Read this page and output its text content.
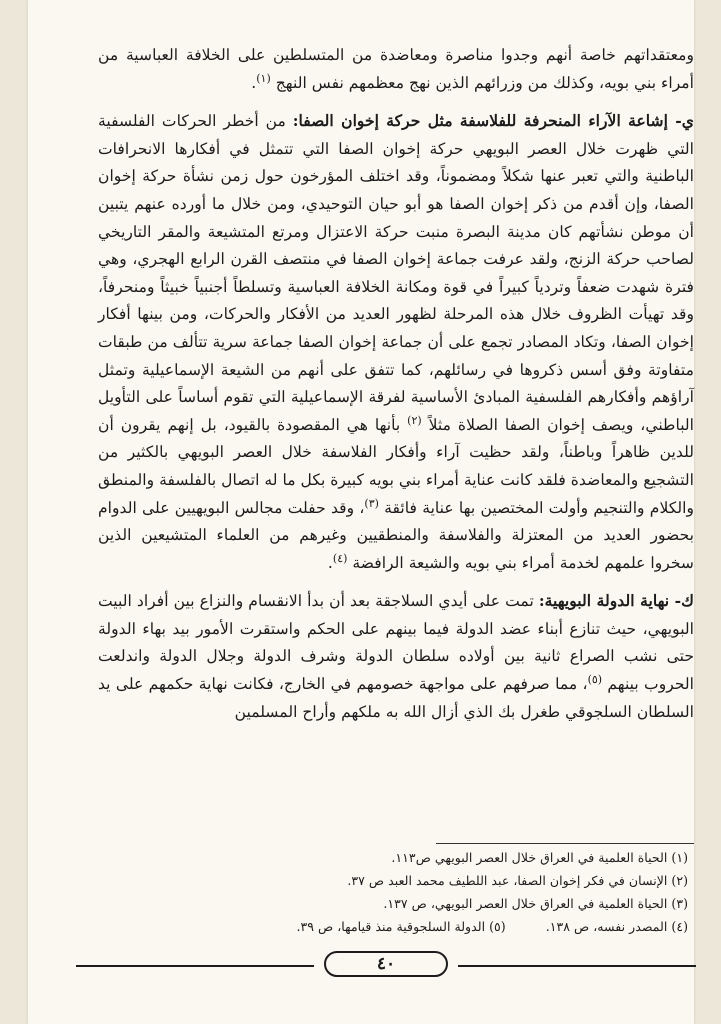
ومعتقداتهم خاصة أنهم وجدوا مناصرة ومعاضدة من المتسلطين على الخلافة العباسية من أمراء بني بويه، وكذلك من وزرائهم الذين نهج معظمهم نفس النهج $^{(١)}$.

ي- إشاعة الآراء المنحرفة للفلاسفة مثل حركة إخوان الصفا: من أخطر الحركات الفلسفية التي ظهرت خلال العصر البويهي حركة إخوان الصفا التي تتمثل في أفكارها الانحرافات الباطنية والتي تعبر عنها شكلاً ومضموناً، وقد اختلف المؤرخون حول زمن نشأة حركة إخوان الصفا، وإن أقدم من ذكر إخوان الصفا هو أبو حيان التوحيدي، ومن خلال ما أورده عنهم يتبين أن موطن نشأتهم كان مدينة البصرة منبت حركة الاعتزال ومرتع المتشيعة والمقر التاريخي لصاحب حركة الزنج، ولقد عرفت جماعة إخوان الصفا في منتصف القرن الرابع الهجري، وهي فترة شهدت ضعفاً وتردياً كبيراً في قوة ومكانة الخلافة العباسية وتسلطاً أجنبياً خبيثاً ومنحرفاً، وقد تهيأت الظروف خلال هذه المرحلة لظهور العديد من الأفكار والحركات، ومن بينها أفكار إخوان الصفا، وتكاد المصادر تجمع على أن جماعة إخوان الصفا جماعة سرية تتألف من طبقات متفاوتة وفق أسس ذكروها في رسائلهم، كما تتفق على أنهم من الشيعة الإسماعيلية وتمثل آراؤهم وأفكارهم الفلسفية المبادئ الأساسية لفرقة الإسماعيلية التي تقوم أساساً على التأويل الباطني، ويصف إخوان الصفا الصلاة مثلاً $^{(٢)}$ بأنها هي المقصودة بالقيود، بل إنهم يقرون أن للدين ظاهراً وباطناً، ولقد حظيت آراء وأفكار الفلاسفة خلال العصر البويهي بالكثير من التشجيع والمعاضدة فلقد كانت عناية أمراء بني بويه كبيرة بكل ما له اتصال بالفلسفة والمنطق والكلام والتنجيم وأولت المختصين بها عناية فائقة $^{(٣)}$، وقد حفلت مجالس البويهيين على الدوام بحضور العديد من المعتزلة والفلاسفة والمنطقيين وغيرهم من العلماء المتشيعين الذين سخروا علمهم لخدمة أمراء بني بويه والشيعة الرافضة $^{(٤)}$.

ك- نهاية الدولة البويهية: تمت على أيدي السلاجقة بعد أن بدأ الانقسام والنزاع بين أفراد البيت البويهي، حيث تنازع أبناء عضد الدولة فيما بينهم على الحكم واستقرت الأمور بيد بهاء الدولة حتى نشب الصراع ثانية بين أولاده سلطان الدولة وشرف الدولة وجلال الدولة واندلعت الحروب بينهم $^{(٥)}$، مما صرفهم على مواجهة خصومهم في الخارج، فكانت نهاية حكمهم على يد السلطان السلجوقي طغرل بك الذي أزال الله به ملكهم وأراح المسلمين

(١) الحياة العلمية في العراق خلال العصر البويهي ص١١٣.
(٢) الإنسان في فكر إخوان الصفا، عبد اللطيف محمد العبد ص ٣٧.
(٣) الحياة العلمية في العراق خلال العصر البويهي، ص ١٣٧.
(٤) المصدر نفسه، ص ١٣٨.
(٥) الدولة السلجوقية منذ قيامها، ص ٣٩.
٤٠
